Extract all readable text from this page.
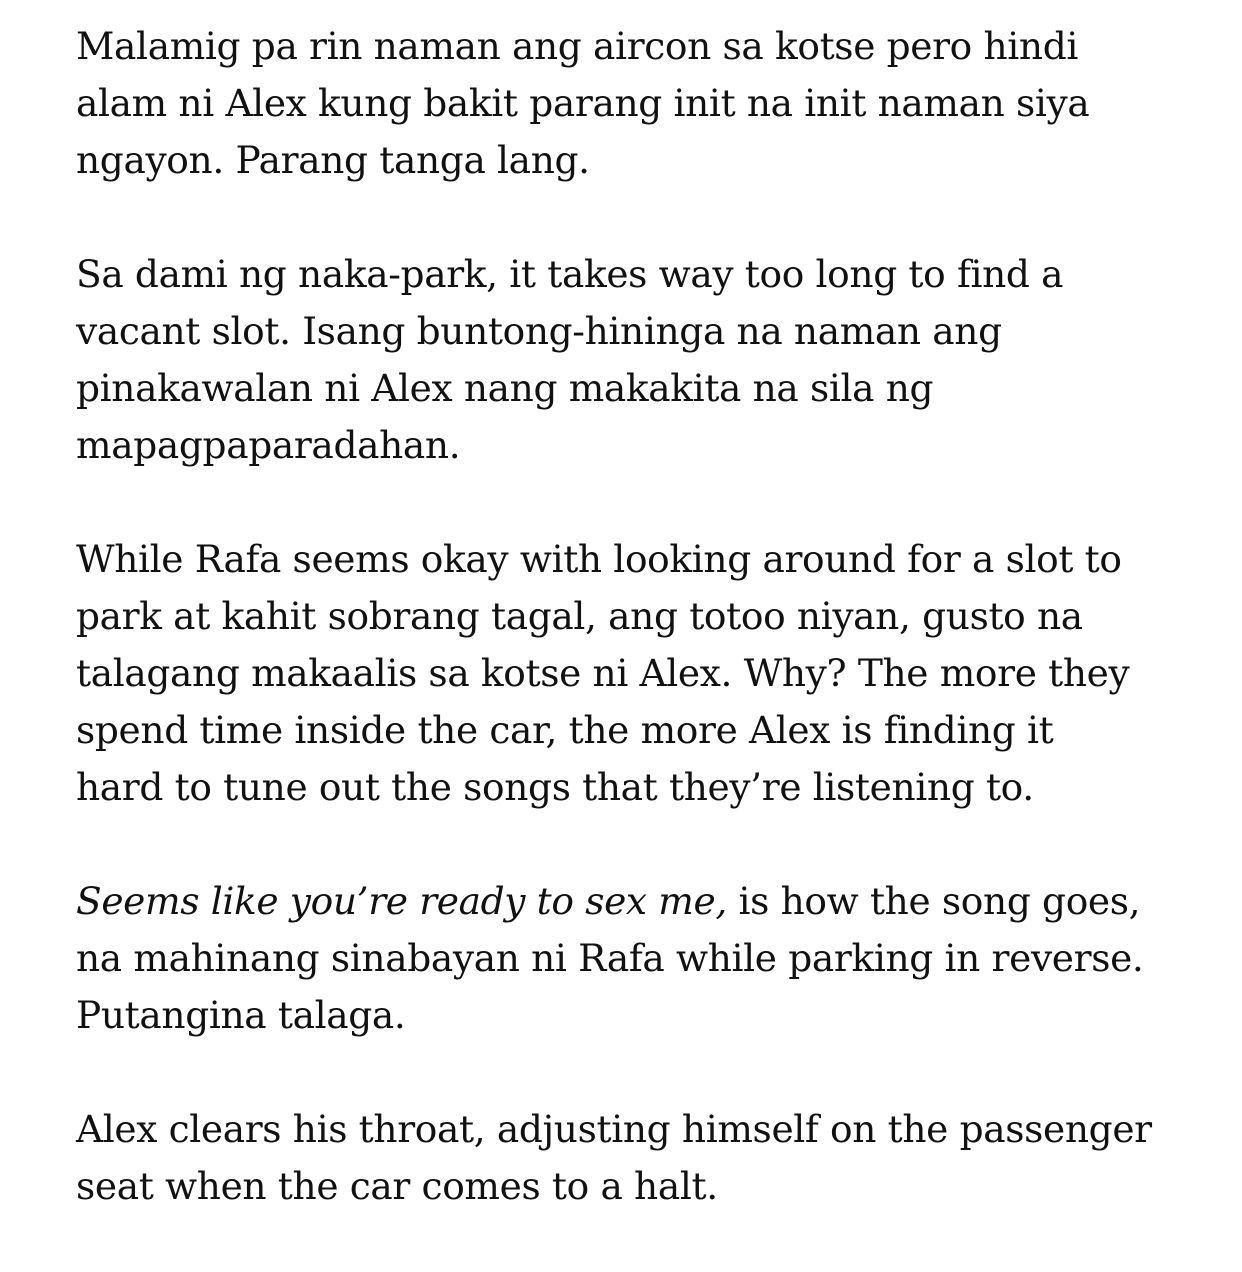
Malamig pa rin naman ang aircon sa kotse pero hindi
alam ni Alex kung bakit parang init na init naman siya
ngayon. Parang tanga lang.

Sa dami ng naka-park, it takes way too long to find a
vacant slot. Isang buntong-hininga na naman ang
pinakawalan ni Alex nang makakita na sila ng
mapagpaparadahan.

While Rafa seems okay with looking around for a slot to
park at kahit sobrang tagal, ang totoo niyan, gusto na
talagang makaalis sa kotse ni Alex. Why? The more they
spend time inside the car, the more Alex is finding it
hard to tune out the songs that they’re listening to.

Seems like you’re ready to sex me, is how the song goes,
na mahinang sinabayan ni Rafa while parking in reverse.
Putangina talaga.

Alex clears his throat, adjusting himself on the passenger
seat when the car comes to a halt.
